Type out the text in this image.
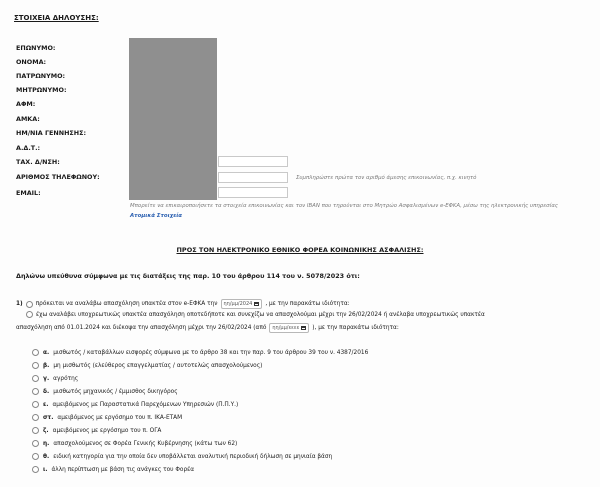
ΣΤΟΙΧΕΙΑ ΔΗΛΟΥΣΗΣ:

ΕΠΩΝΥΜΟ:

ΟΝΟΜΑ:

ΠΑΤΡΩΝΥΜΟ:

ΜΗΤΡΩΝΥΜΟ:

ΑΦΜ:

ΑΜΚΑ:

ΗΜ/ΝΙΑ ΓΕΝΝΗΣΗΣ:

Α.Δ.Τ.:

ΤΑΧ. Δ/ΝΣΗ:

ΑΡΙΘΜΟΣ ΤΗΛΕΦΩΝΟΥ:

EMAIL:

Συμπληρώστε πρώτα τον αριθμό άμεσης επικοινωνίας, π.χ. κινητό
Μπορείτε να επικαιροποιήσετε τα στοιχεία επικοινωνίας και τον ΙΒΑΝ που τηρούνται στο Μητρώο Ασφαλισμένων e-ΕΦΚΑ, μέσω της ηλεκτρονικής υπηρεσίας Ατομικά Στοιχεία
ΠΡΟΣ ΤΟΝ ΗΛΕΚΤΡΟΝΙΚΟ ΕΘΝΙΚΟ ΦΟΡΕΑ ΚΟΙΝΩΝΙΚΗΣ ΑΣΦΑΛΙΣΗΣ:
Δηλώνω υπεύθυνα σύμφωνα με τις διατάξεις της παρ. 10 του άρθρου 114 του ν. 5078/2023 ότι:
1) πρόκειται να αναλάβω απασχόληση υπακτέα στον e-ΕΦΚΑ την ηη/μμ/2024 , με την παρακάτω ιδιότητα:
έχω αναλάβει υποχρεωτικώς υπακτέα απασχόληση οποτεδήποτε και συνεχίζω να απασχολούμαι μέχρι την 26/02/2024 ή ανέλαβα υποχρεωτικώς υπακτέα
απασχόληση από 01.01.2024 και διέκοψα την απασχόληση μέχρι την 26/02/2024 (από ηη/μμ/εεεε ), με την παρακάτω ιδιότητα:
α. μισθωτός / καταβάλλων εισφορές σύμφωνα με το άρθρο 38 και την παρ. 9 του άρθρου 39 του ν. 4387/2016
β. μη μισθωτός (ελεύθερος επαγγελματίας / αυτοτελώς απασχολούμενος)
γ. αγρότης
δ. μισθωτός μηχανικός / έμμισθος δικηγόρος
ε. αμειβόμενος με Παραστατικά Παρεχόμενων Υπηρεσιών (Π.Π.Υ.)
στ. αμειβόμενος με εργόσημο του π. ΙΚΑ-ΕΤΑΜ
ζ. αμειβόμενος με εργόσημο του π. ΟΓΑ
η. απασχολούμενος σε Φορέα Γενικής Κυβέρνησης (κάτω των 62)
θ. ειδική κατηγορία για την οποία δεν υποβάλλεται αναλυτική περιοδική δήλωση σε μηνιαία βάση
ι. άλλη περίπτωση με βάση τις ανάγκες του Φορέα
